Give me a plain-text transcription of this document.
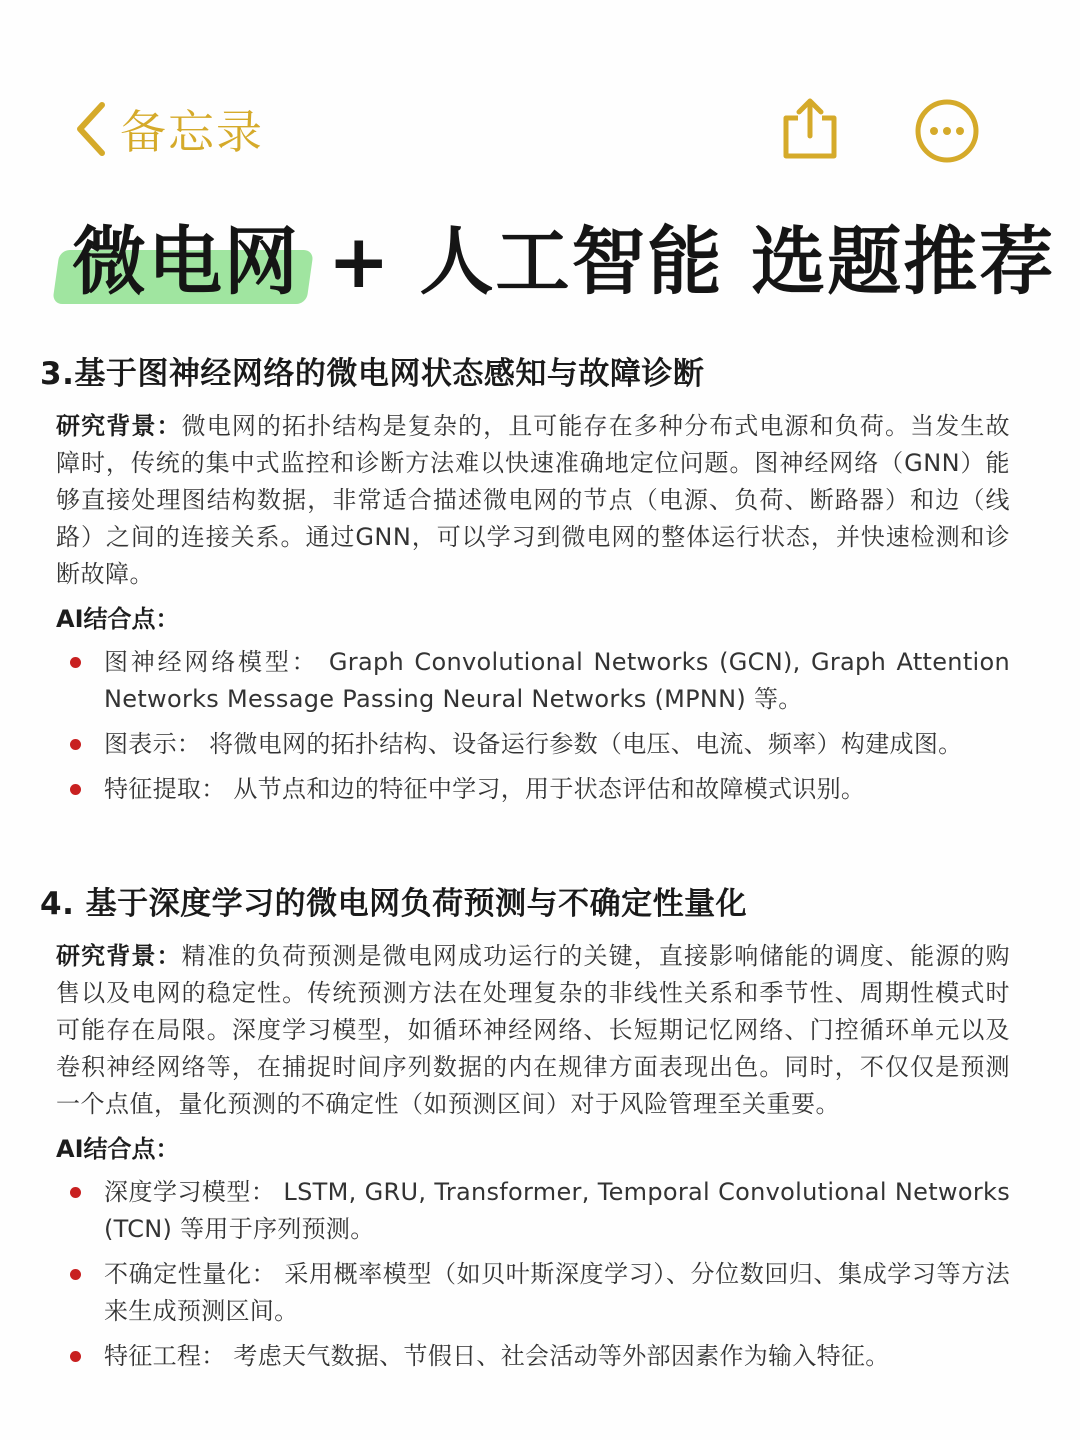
备忘录
微电网 + 人工智能 选题推荐
3.基于图神经网络的微电网状态感知与故障诊断
研究背景：微电网的拓扑结构是复杂的，且可能存在多种分布式电源和负荷。当发生故障时，传统的集中式监控和诊断方法难以快速准确地定位问题。图神经网络（GNN）能够直接处理图结构数据，非常适合描述微电网的节点（电源、负荷、断路器）和边（线路）之间的连接关系。通过GNN，可以学习到微电网的整体运行状态，并快速检测和诊断故障。
AI结合点：
图神经网络模型： Graph Convolutional Networks (GCN), Graph Attention Networks Message Passing Neural Networks (MPNN) 等。
图表示： 将微电网的拓扑结构、设备运行参数（电压、电流、频率）构建成图。
特征提取： 从节点和边的特征中学习，用于状态评估和故障模式识别。
4. 基于深度学习的微电网负荷预测与不确定性量化
研究背景：精准的负荷预测是微电网成功运行的关键，直接影响储能的调度、能源的购售以及电网的稳定性。传统预测方法在处理复杂的非线性关系和季节性、周期性模式时可能存在局限。深度学习模型，如循环神经网络、长短期记忆网络、门控循环单元以及卷积神经网络等，在捕捉时间序列数据的内在规律方面表现出色。同时，不仅仅是预测一个点值，量化预测的不确定性（如预测区间）对于风险管理至关重要。
AI结合点：
深度学习模型： LSTM, GRU, Transformer, Temporal Convolutional Networks (TCN) 等用于序列预测。
不确定性量化： 采用概率模型（如贝叶斯深度学习）、分位数回归、集成学习等方法来生成预测区间。
特征工程： 考虑天气数据、节假日、社会活动等外部因素作为输入特征。
